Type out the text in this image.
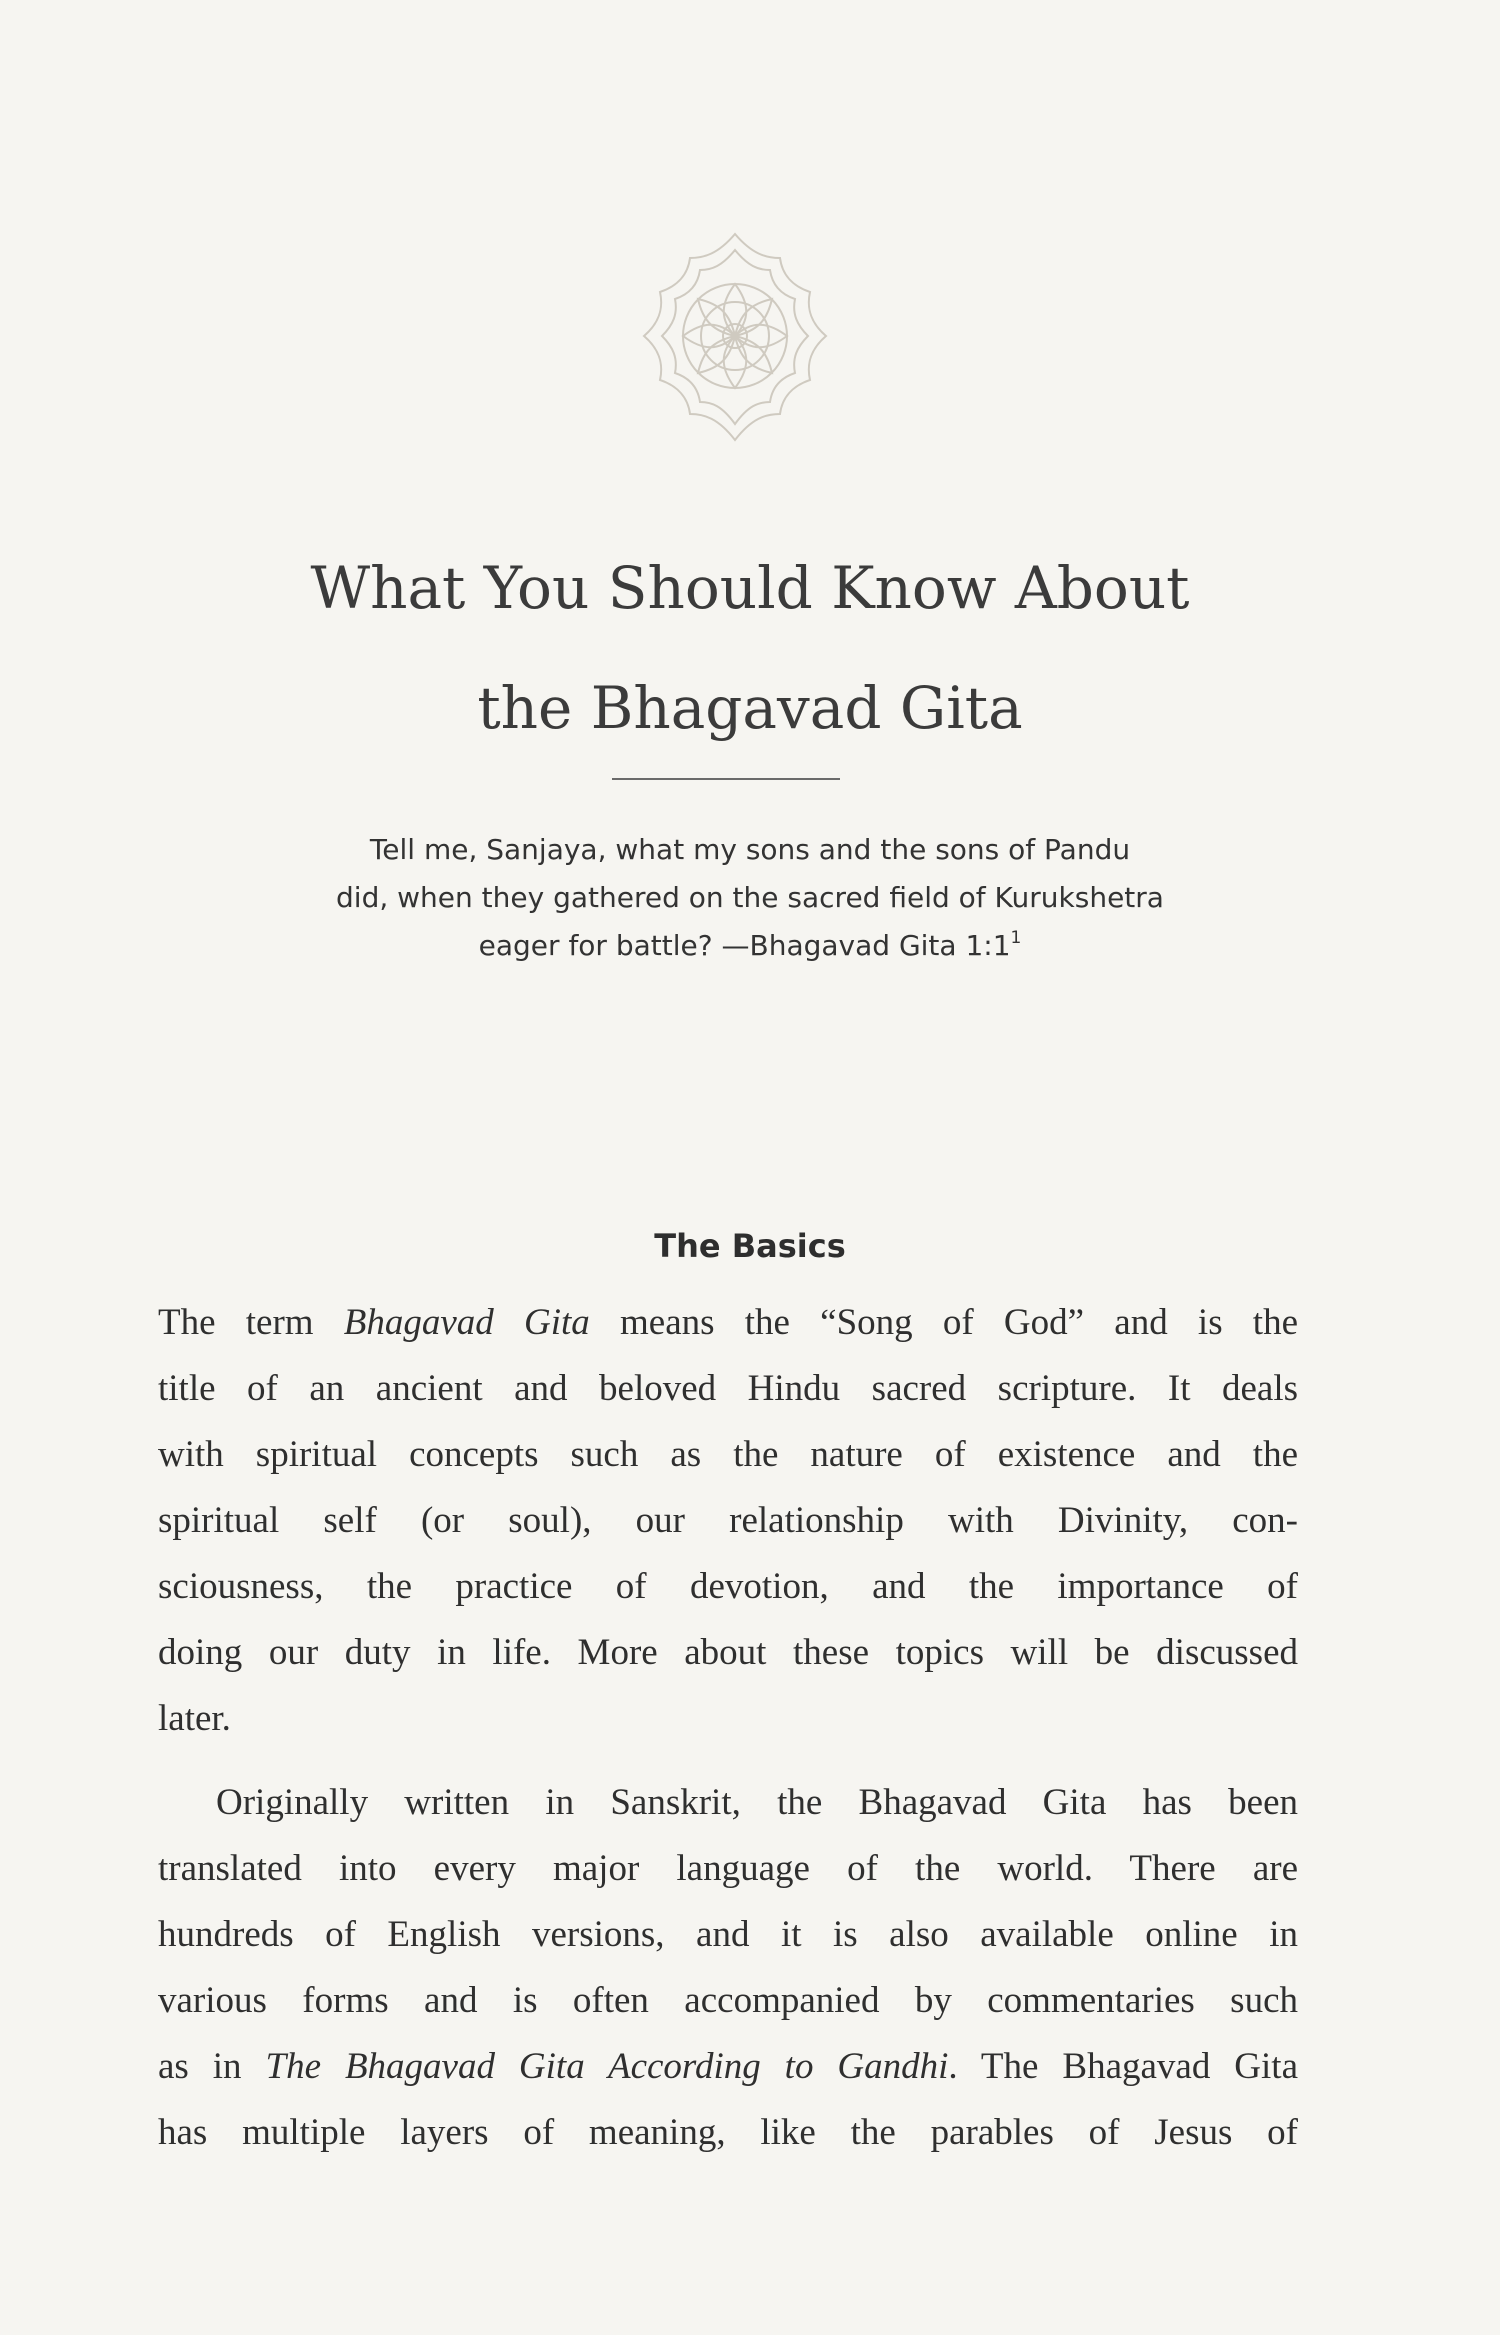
What You Should Know About
the Bhagavad Gita

Tell me, Sanjaya, what my sons and the sons of Pandu
did, when they gathered on the sacred field of Kurukshetra
eager for battle? —Bhagavad Gita $1:1^1$

The Basics
The term Bhagavad Gita means the “Song of God” and is the
title of an ancient and beloved Hindu sacred scripture. It deals
with spiritual concepts such as the nature of existence and the
spiritual self (or soul), our relationship with Divinity, con-
sciousness, the practice of devotion, and the importance of
doing our duty in life. More about these topics will be discussed
later.
Originally written in Sanskrit, the Bhagavad Gita has been
translated into every major language of the world. There are
hundreds of English versions, and it is also available online in
various forms and is often accompanied by commentaries such
as in The Bhagavad Gita According to Gandhi. The Bhagavad Gita
has multiple layers of meaning, like the parables of Jesus of
